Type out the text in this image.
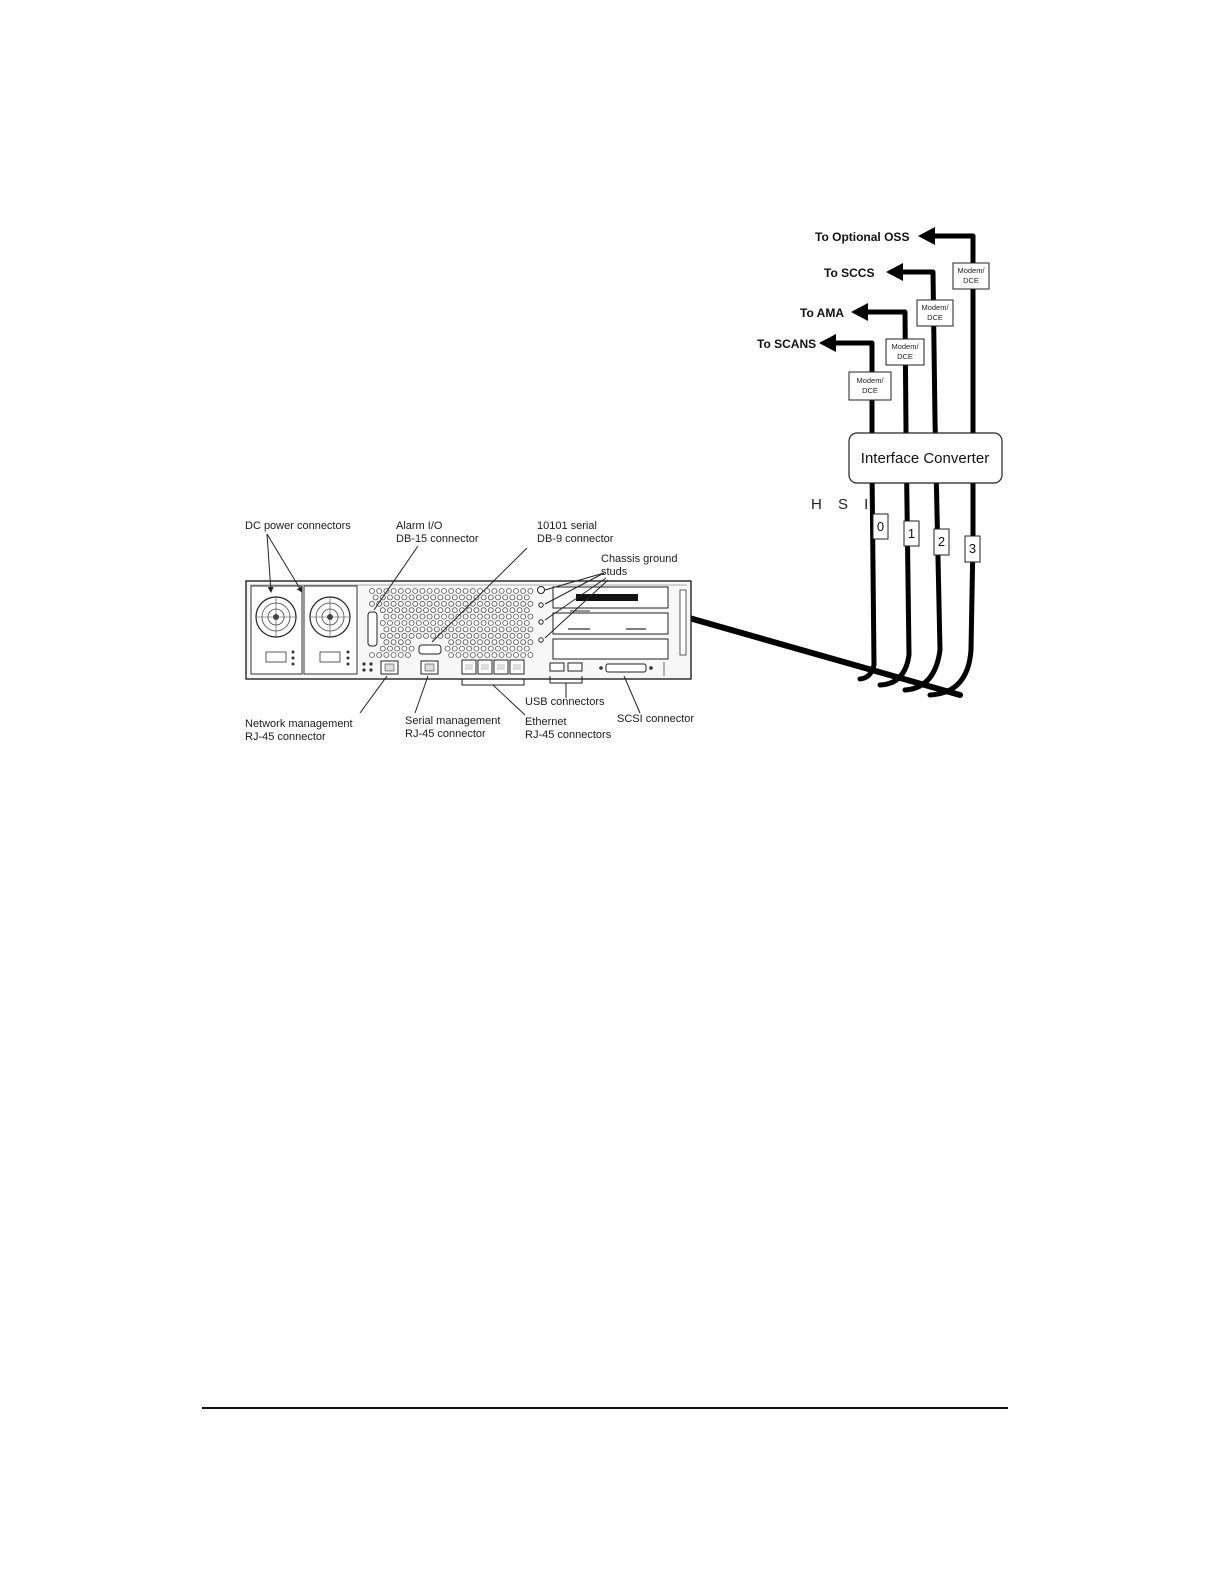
To Optional OSS
To SCCS
To AMA
To SCANS
Modem/
DCE
Modem/
DCE
Modem/
DCE
Modem/
DCE
Interface Converter
H S I
0 1
2 3
DC power connectors	Alarm I/O
DB-15 connector
10101 serial
DB-9 connector
Chassis ground
studs
Network management
RJ-45 connector
Serial management
RJ-45 connector
USB connectors
Ethernet
RJ-45 connectors
SCSI connector
